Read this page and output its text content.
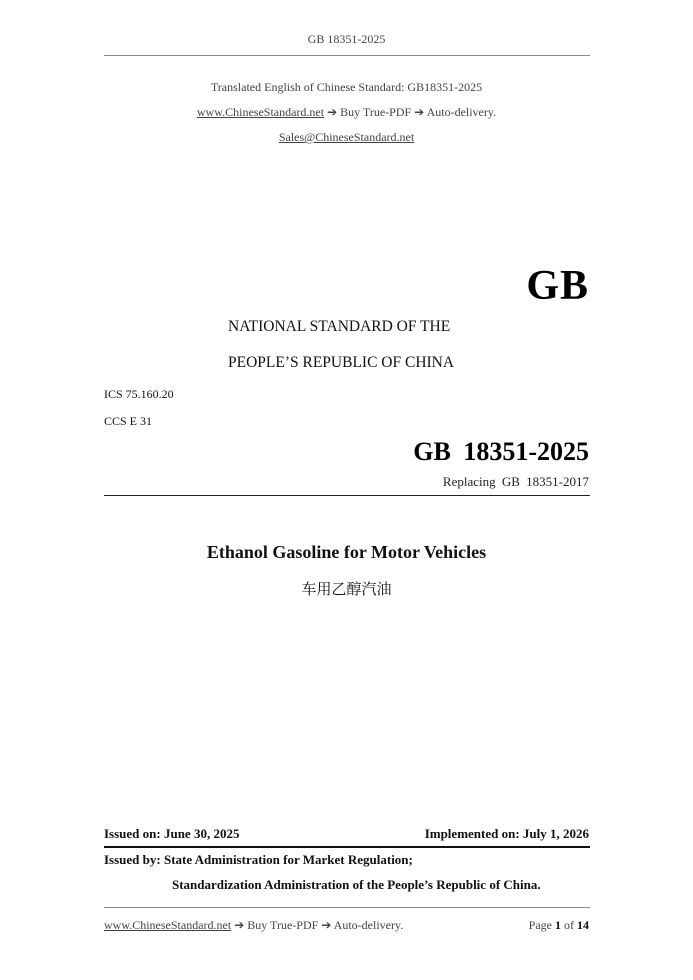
GB 18351-2025
Translated English of Chinese Standard: GB18351-2025
www.ChineseStandard.net ➔ Buy True-PDF ➔ Auto-delivery.
Sales@ChineseStandard.net
GB
NATIONAL STANDARD OF THE
PEOPLE’S REPUBLIC OF CHINA
ICS 75.160.20
CCS E 31
GB 18351-2025
Replacing GB 18351-2017
Ethanol Gasoline for Motor Vehicles
车用乙醇汽油
Issued on: June 30, 2025	Implemented on: July 1, 2026
Issued by: State Administration for Market Regulation;
Standardization Administration of the People’s Republic of China.
www.ChineseStandard.net ➔ Buy True-PDF ➔ Auto-delivery.	Page 1 of 14
